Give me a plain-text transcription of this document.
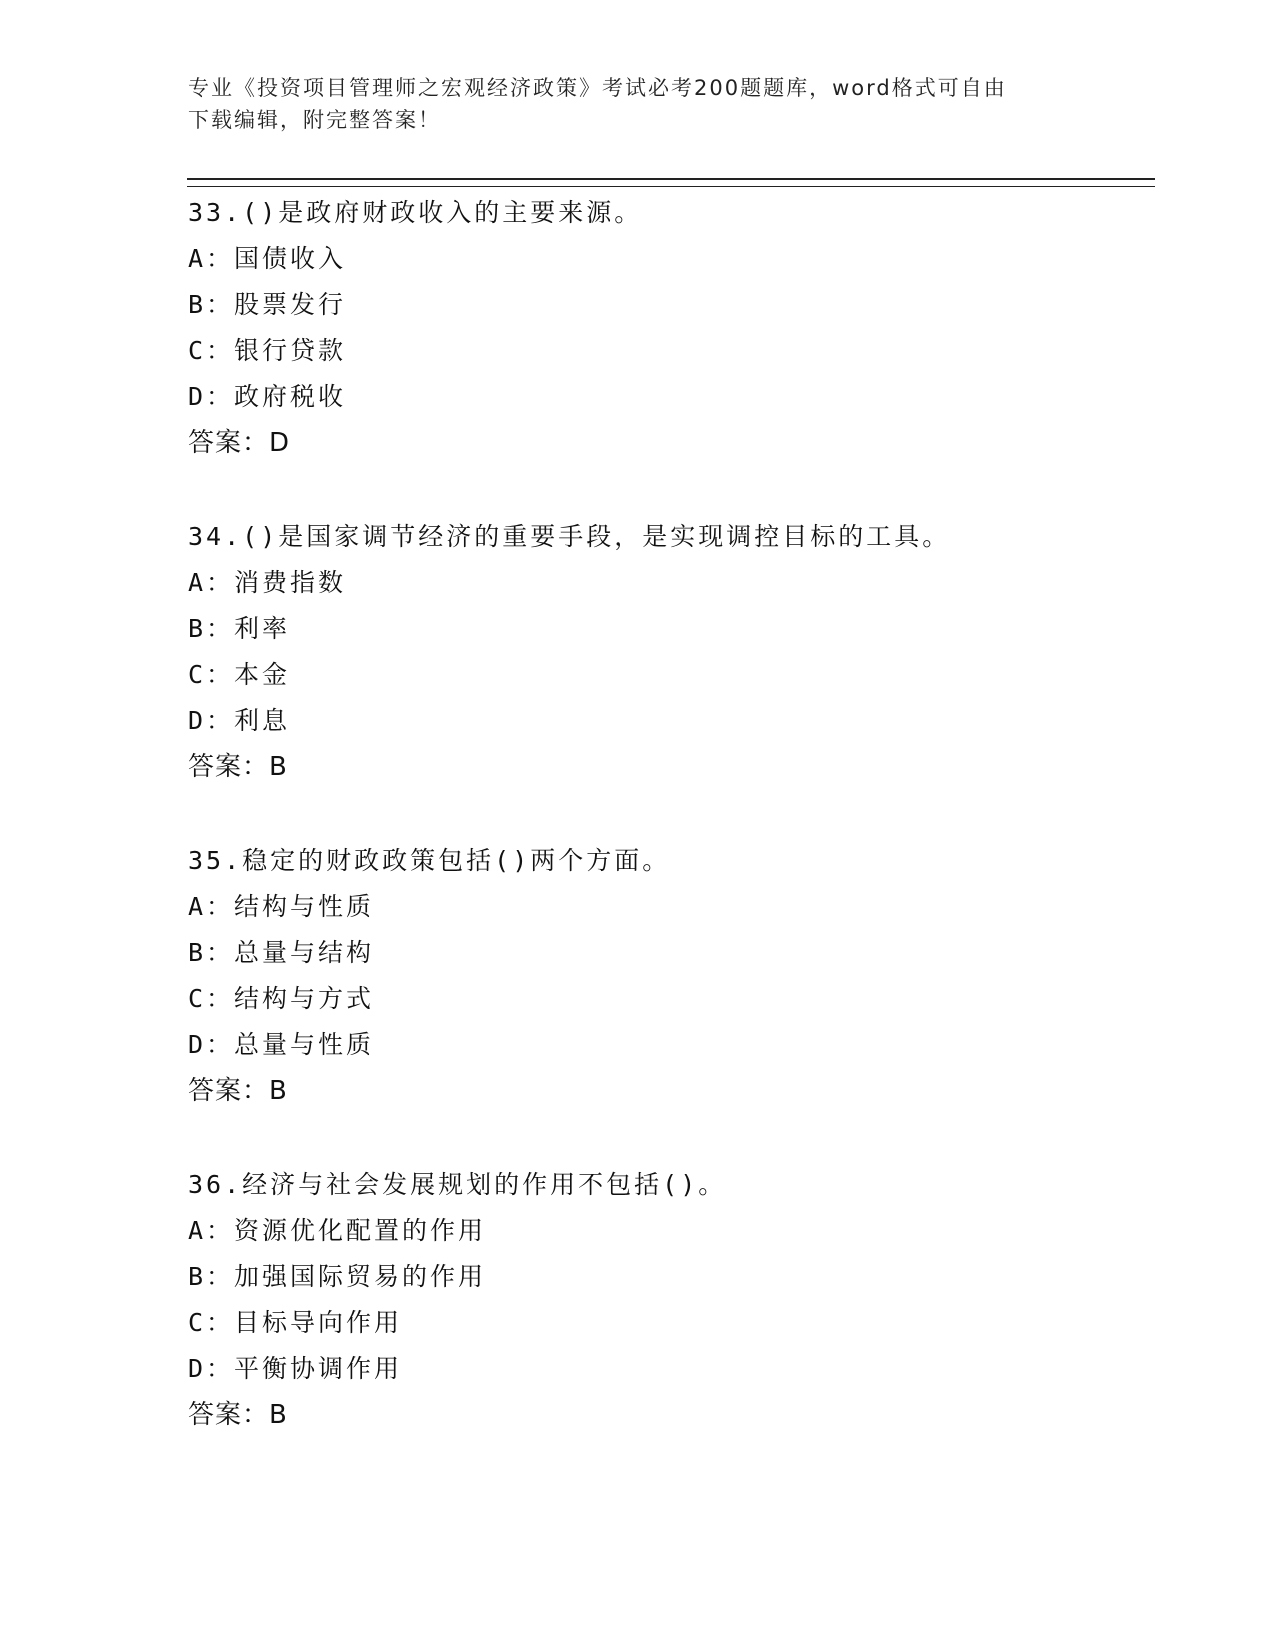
专业《投资项目管理师之宏观经济政策》考试必考200题题库，word格式可自由
下载编辑，附完整答案！
33.()是政府财政收入的主要来源。
A：国债收入
B：股票发行
C：银行贷款
D：政府税收
答案：D
34.()是国家调节经济的重要手段，是实现调控目标的工具。
A：消费指数
B：利率
C：本金
D：利息
答案：B
35.稳定的财政政策包括()两个方面。
A：结构与性质
B：总量与结构
C：结构与方式
D：总量与性质
答案：B
36.经济与社会发展规划的作用不包括()。
A：资源优化配置的作用
B：加强国际贸易的作用
C：目标导向作用
D：平衡协调作用
答案：B
